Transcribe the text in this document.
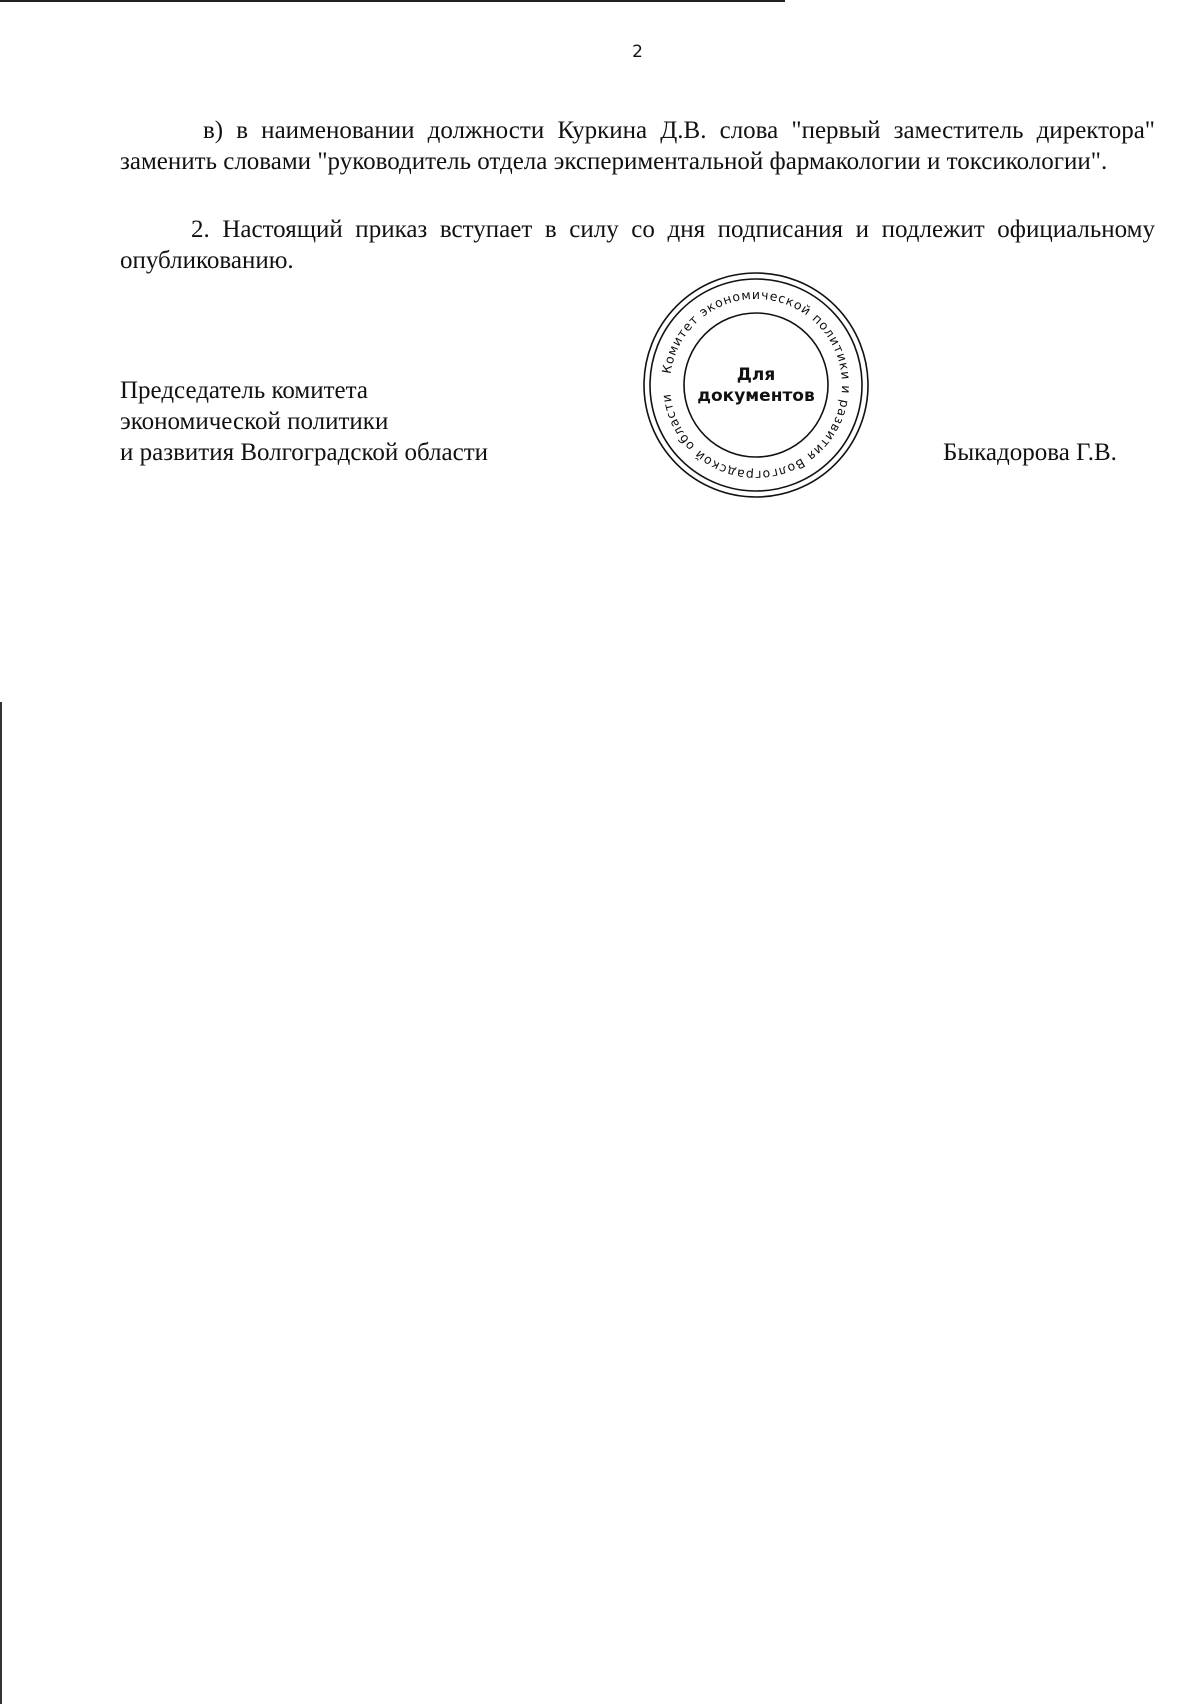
2
в) в наименовании должности Куркина Д.В. слова "первый заместитель директора" заменить словами "руководитель отдела экспериментальной фармакологии и токсикологии".
2. Настоящий приказ вступает в силу со дня подписания и подлежит официальному опубликованию.
Председатель комитета
экономической политики
и развития Волгоградской области
Комитет экономической политики и развития Волгоградской области
Для
документов
Быкадорова Г.В.
